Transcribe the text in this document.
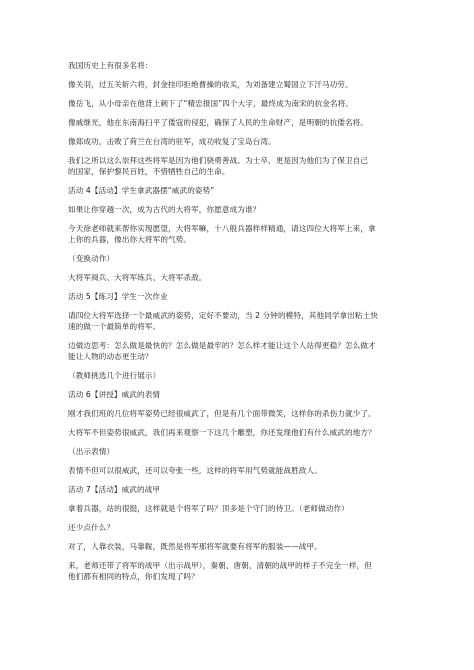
我国历史上有很多名将：
像关羽，过五关斩六将，封金挂印拒绝曹操的收买，为刘备建立蜀国立下汗马功劳。
像岳飞，从小母亲在他背上刺下了“精忠报国”四个大字，最终成为南宋的抗金名将。
像戚继光，他在东南海扫平了倭寇的侵犯，确保了人民的生命财产，是明朝的抗倭名将。
像郑成功，击败了荷兰在台湾的驻军，成功收复了宝岛台湾。
我们之所以这么崇拜这些将军是因为他们骁勇善战、为士卒，更是因为他们为了保卫自己
的国家，保护黎民百姓，不惜牺牲自己的生命。
活动 4【活动】学生拿武器摆“威武的姿势”
如果让你穿越一次，成为古代的大将军，你愿意成为谁？
今天徐老师就来帮你实现愿望，大将军嘛，十八般兵器样样精通，请这四位大将军上来，拿
上你的兵器，像出你大将军的气势。
（变换动作）
大将军阅兵、大将军练兵、大将军杀敌。
活动 5【练习】学生一次作业
请四位大将军选择一个最威武的姿势，定好不要动，当 2 分钟的模特，其他同学拿出粘土快
速的做一个最简单的将军。
边做边思考：怎么做是最快的？怎么做是最牢的？怎么样才能让这个人站得更稳？怎么做才
能让人物的动态更生动？
（教师挑选几个进行展示）
活动 6【讲授】威武的表情
刚才我们班的几位将军姿势已经很威武了，但是有几个面带微笑，这样你的杀伤力就少了。
大将军不但姿势很威武，我们再来观察一下这几个雕塑，你还发现他们有什么威武的地方？
（出示表情）
表情不但可以很威武，还可以夸张一些，这样的将军用气势就能战胜敌人。
活动 7【活动】威武的战甲
拿着兵器，站的很挺，这样就是个将军了吗？顶多是个守门的侍卫。（老师做动作）
还少点什么？
对了，人靠衣装，马靠鞍，既然是将军那将军就要有将军的服装——战甲。
来，老师还带了将军的战甲（出示战甲），秦朝、唐朝、清朝的战甲的样子不完全一样，但
他们都有相同的特点，你们发现了吗？
